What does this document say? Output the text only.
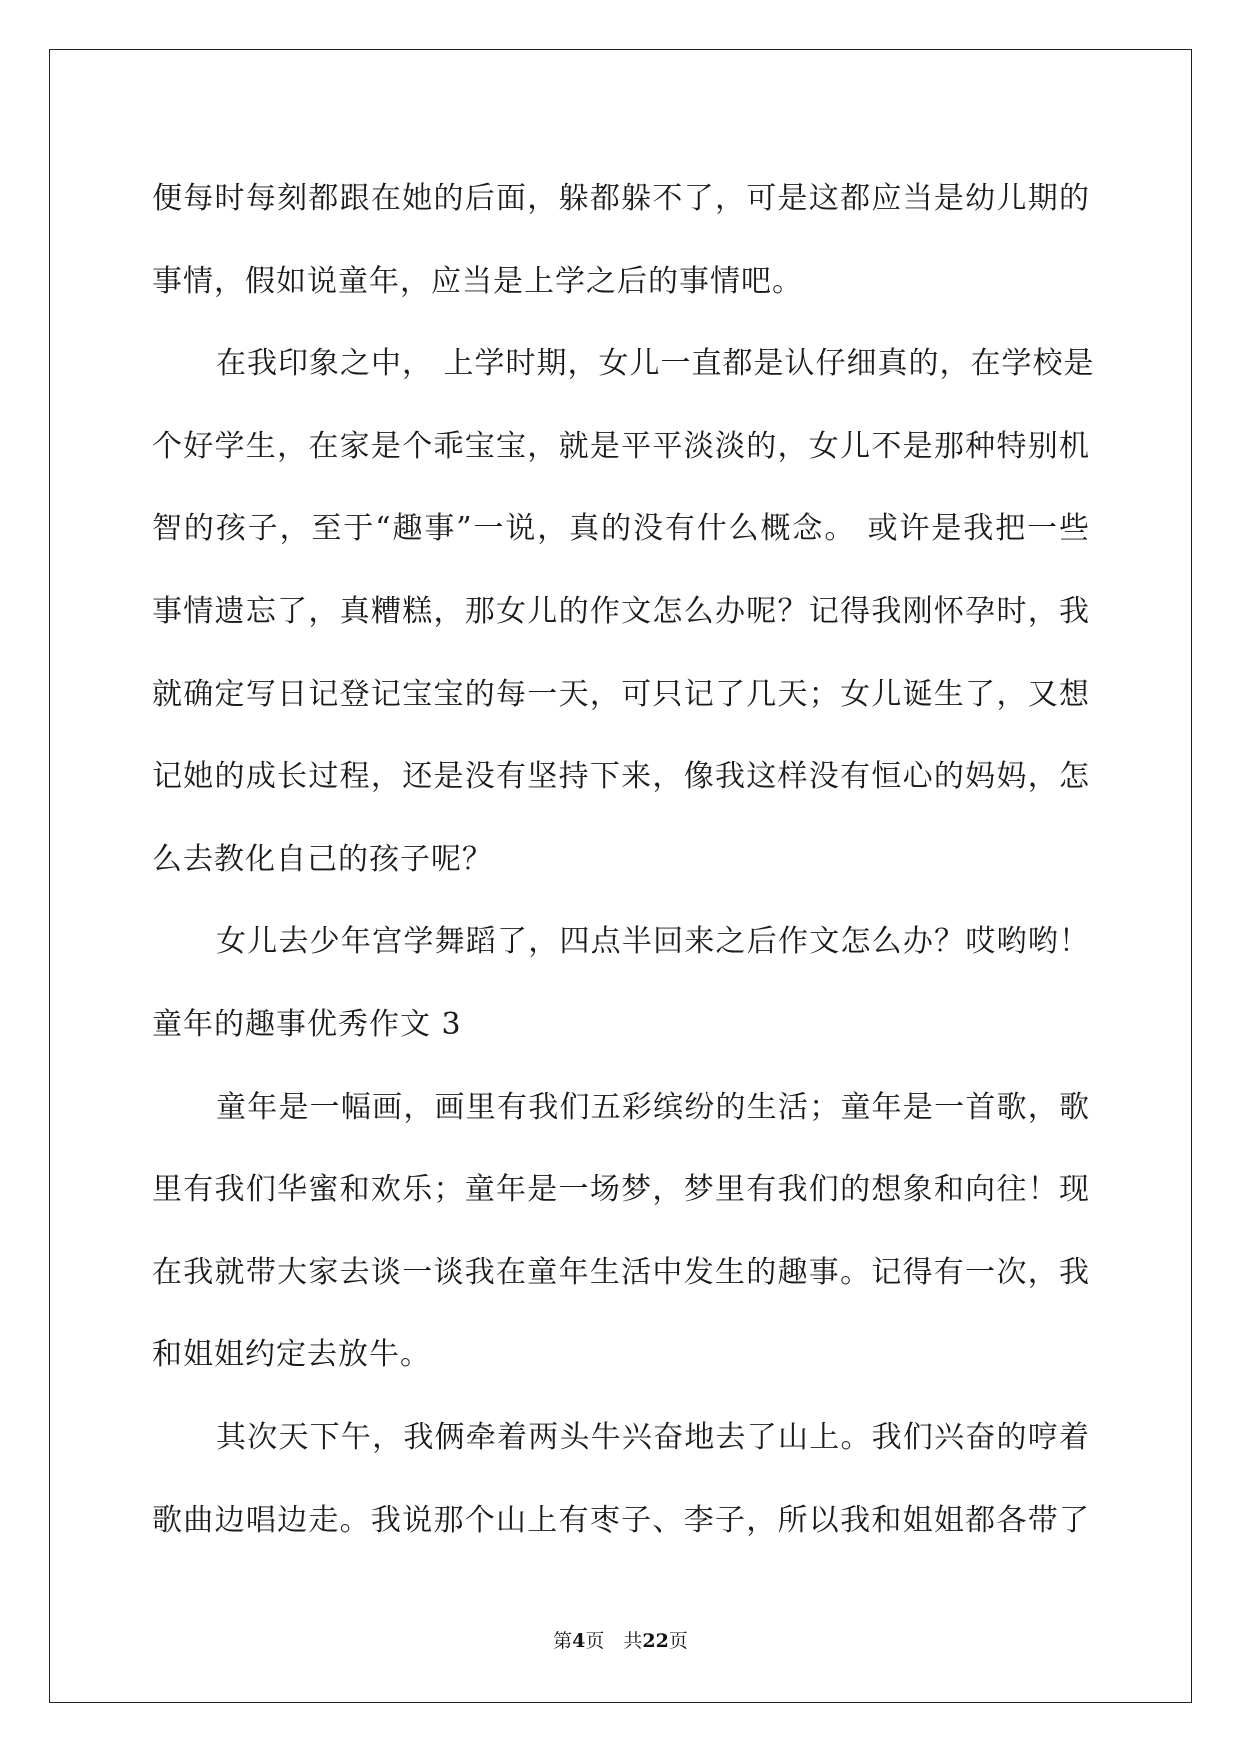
便每时每刻都跟在她的后面，躲都躲不了，可是这都应当是幼儿期的
事情，假如说童年，应当是上学之后的事情吧。
在我印象之中， 上学时期，女儿一直都是认仔细真的，在学校是
个好学生，在家是个乖宝宝，就是平平淡淡的，女儿不是那种特别机
智的孩子，至于“趣事”一说，真的没有什么概念。 或许是我把一些
事情遗忘了，真糟糕，那女儿的作文怎么办呢？记得我刚怀孕时，我
就确定写日记登记宝宝的每一天，可只记了几天；女儿诞生了，又想
记她的成长过程，还是没有坚持下来，像我这样没有恒心的妈妈，怎
么去教化自己的孩子呢？
女儿去少年宫学舞蹈了，四点半回来之后作文怎么办？哎哟哟！
童年的趣事优秀作文 3
童年是一幅画，画里有我们五彩缤纷的生活；童年是一首歌，歌
里有我们华蜜和欢乐；童年是一场梦，梦里有我们的想象和向往！现
在我就带大家去谈一谈我在童年生活中发生的趣事。记得有一次，我
和姐姐约定去放牛。
其次天下午，我俩牵着两头牛兴奋地去了山上。我们兴奋的哼着
歌曲边唱边走。我说那个山上有枣子、李子，所以我和姐姐都各带了
第4页　共22页
